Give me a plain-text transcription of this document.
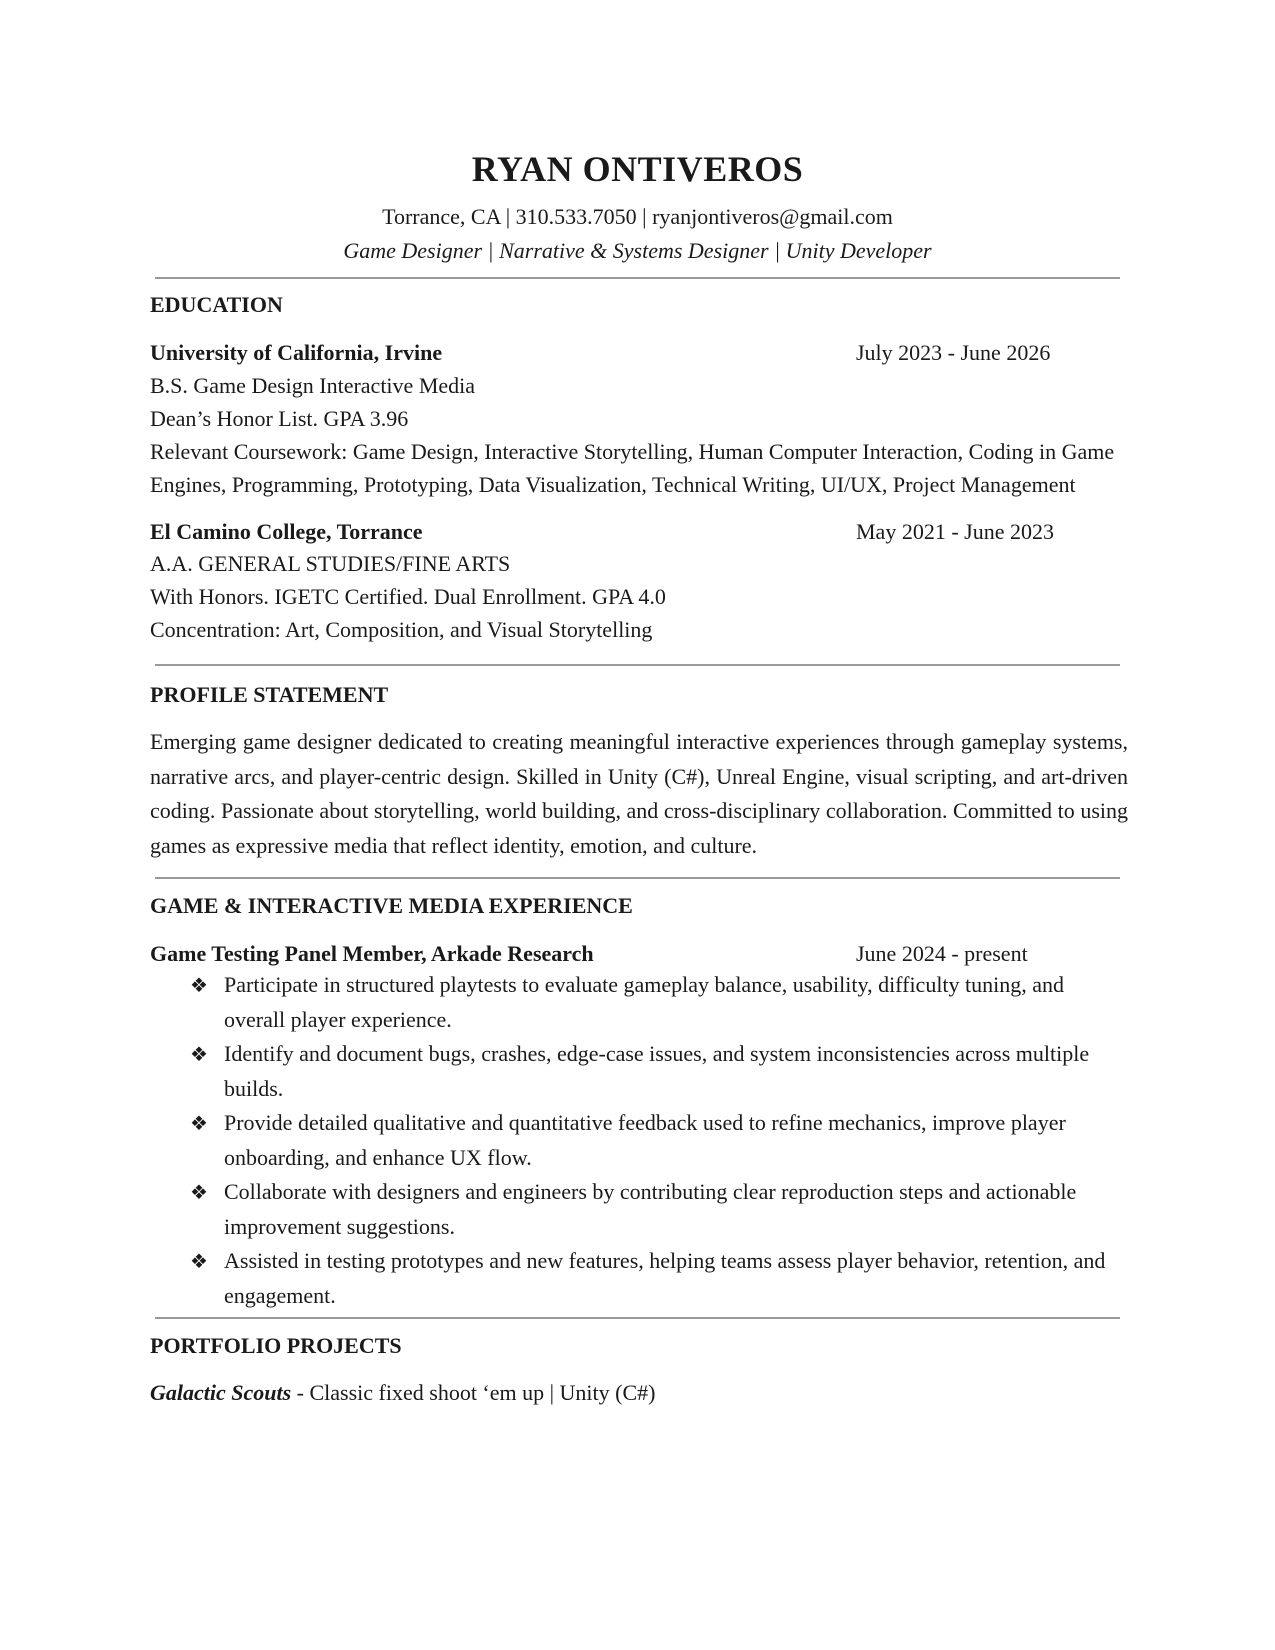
RYAN ONTIVEROS
Torrance, CA | 310.533.7050 | ryanjontiveros@gmail.com
Game Designer | Narrative & Systems Designer | Unity Developer
EDUCATION
University of California, Irvine	July 2023 - June 2026
B.S. Game Design Interactive Media
Dean’s Honor List. GPA 3.96
Relevant Coursework: Game Design, Interactive Storytelling, Human Computer Interaction, Coding in Game
Engines, Programming, Prototyping, Data Visualization, Technical Writing, UI/UX, Project Management
El Camino College, Torrance	May 2021 - June 2023
A.A. GENERAL STUDIES/FINE ARTS
With Honors. IGETC Certified. Dual Enrollment. GPA 4.0
Concentration: Art, Composition, and Visual Storytelling
PROFILE STATEMENT
Emerging game designer dedicated to creating meaningful interactive experiences through gameplay systems, narrative arcs, and player-centric design. Skilled in Unity (C#), Unreal Engine, visual scripting, and art-driven coding. Passionate about storytelling, world building, and cross-disciplinary collaboration. Committed to using games as expressive media that reflect identity, emotion, and culture.
GAME & INTERACTIVE MEDIA EXPERIENCE
Game Testing Panel Member, Arkade Research	June 2024 - present
❖ Participate in structured playtests to evaluate gameplay balance, usability, difficulty tuning, and overall player experience.
❖ Identify and document bugs, crashes, edge-case issues, and system inconsistencies across multiple builds.
❖ Provide detailed qualitative and quantitative feedback used to refine mechanics, improve player onboarding, and enhance UX flow.
❖ Collaborate with designers and engineers by contributing clear reproduction steps and actionable improvement suggestions.
❖ Assisted in testing prototypes and new features, helping teams assess player behavior, retention, and engagement.
PORTFOLIO PROJECTS
Galactic Scouts - Classic fixed shoot ‘em up | Unity (C#)
